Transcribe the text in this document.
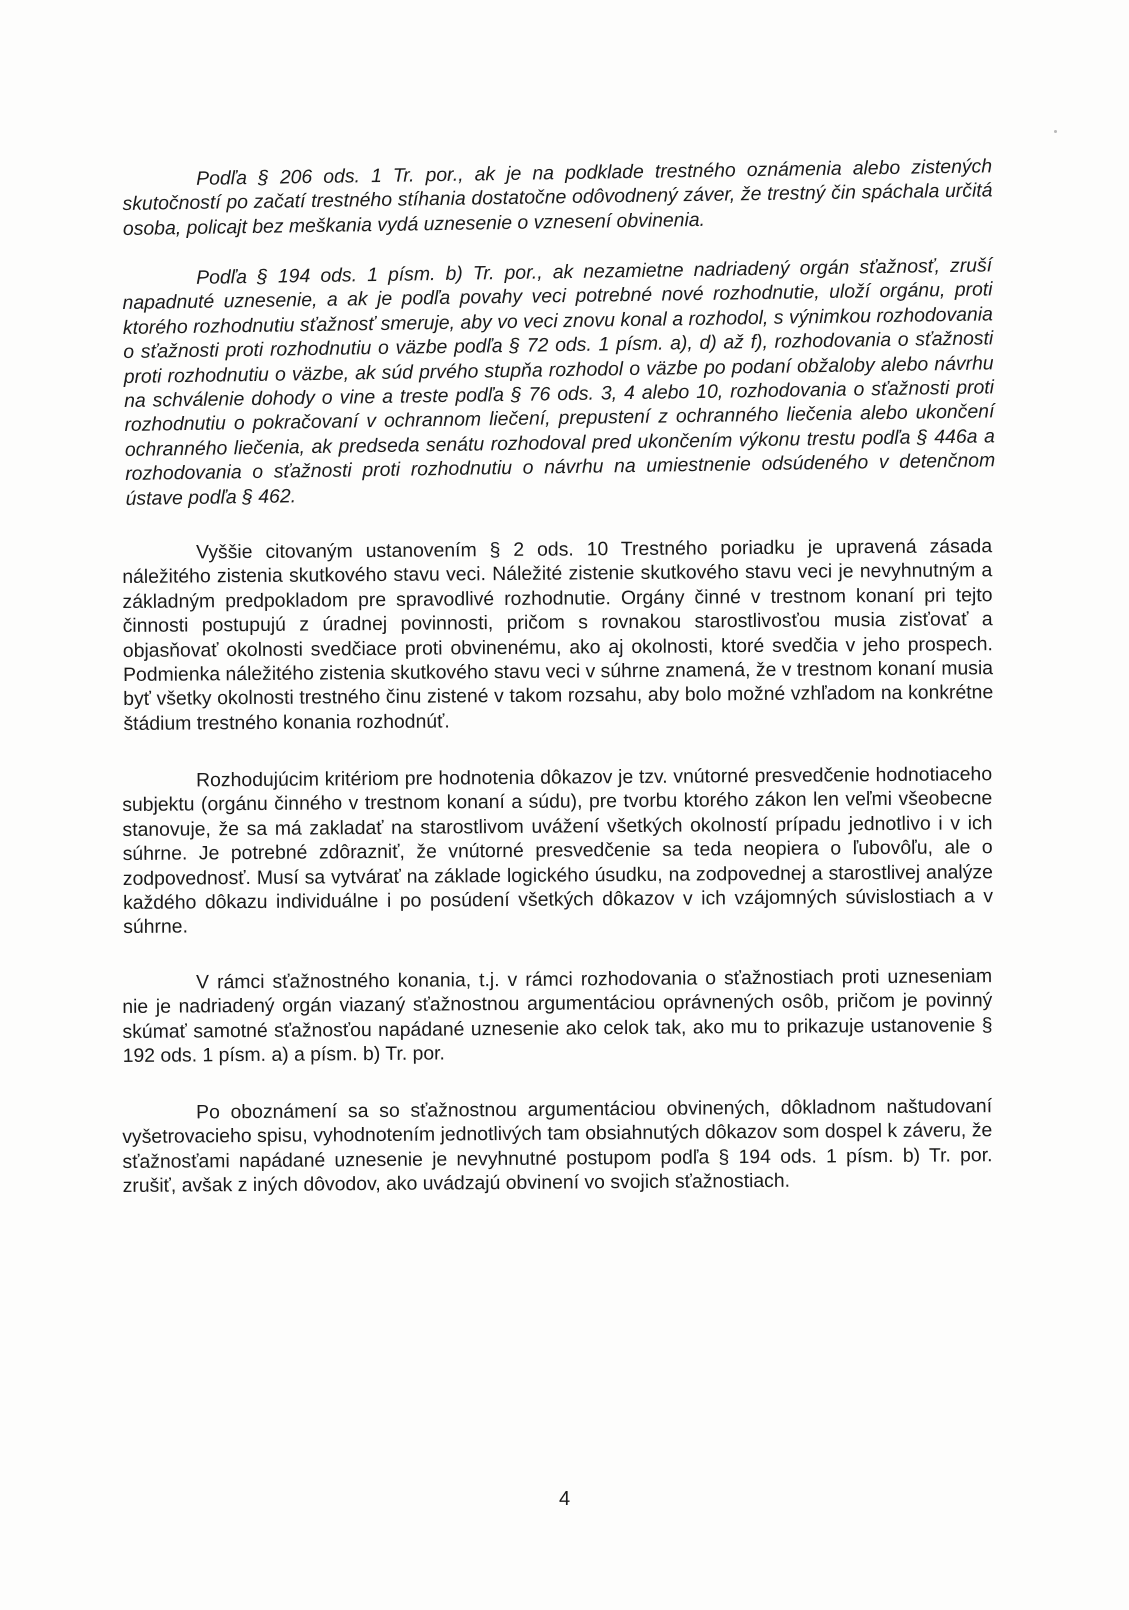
Podľa § 206 ods. 1 Tr. por., ak je na podklade trestného oznámenia alebo zistených skutočností po začatí trestného stíhania dostatočne odôvodnený záver, že trestný čin spáchala určitá osoba, policajt bez meškania vydá uznesenie o vznesení obvinenia.

Podľa § 194 ods. 1 písm. b) Tr. por., ak nezamietne nadriadený orgán sťažnosť, zruší napadnuté uznesenie, a ak je podľa povahy veci potrebné nové rozhodnutie, uloží orgánu, proti ktorého rozhodnutiu sťažnosť smeruje, aby vo veci znovu konal a rozhodol, s výnimkou rozhodovania o sťažnosti proti rozhodnutiu o väzbe podľa § 72 ods. 1 písm. a), d) až f), rozhodovania o sťažnosti proti rozhodnutiu o väzbe, ak súd prvého stupňa rozhodol o väzbe po podaní obžaloby alebo návrhu na schválenie dohody o vine a treste podľa § 76 ods. 3, 4 alebo 10, rozhodovania o sťažnosti proti rozhodnutiu o pokračovaní v ochrannom liečení, prepustení z ochranného liečenia alebo ukončení ochranného liečenia, ak predseda senátu rozhodoval pred ukončením výkonu trestu podľa § 446a a rozhodovania o sťažnosti proti rozhodnutiu o návrhu na umiestnenie odsúdeného v detenčnom ústave podľa § 462.

Vyššie citovaným ustanovením § 2 ods. 10 Trestného poriadku je upravená zásada náležitého zistenia skutkového stavu veci. Náležité zistenie skutkového stavu veci je nevyhnutným a základným predpokladom pre spravodlivé rozhodnutie. Orgány činné v trestnom konaní pri tejto činnosti postupujú z úradnej povinnosti, pričom s rovnakou starostlivosťou musia zisťovať a objasňovať okolnosti svedčiace proti obvinenému, ako aj okolnosti, ktoré svedčia v jeho prospech. Podmienka náležitého zistenia skutkového stavu veci v súhrne znamená, že v trestnom konaní musia byť všetky okolnosti trestného činu zistené v takom rozsahu, aby bolo možné vzhľadom na konkrétne štádium trestného konania rozhodnúť.

Rozhodujúcim kritériom pre hodnotenia dôkazov je tzv. vnútorné presvedčenie hodnotiaceho subjektu (orgánu činného v trestnom konaní a súdu), pre tvorbu ktorého zákon len veľmi všeobecne stanovuje, že sa má zakladať na starostlivom uvážení všetkých okolností prípadu jednotlivo i v ich súhrne. Je potrebné zdôrazniť, že vnútorné presvedčenie sa teda neopiera o ľubovôľu, ale o zodpovednosť. Musí sa vytvárať na základe logického úsudku, na zodpovednej a starostlivej analýze každého dôkazu individuálne i po posúdení všetkých dôkazov v ich vzájomných súvislostiach a v súhrne.

V rámci sťažnostného konania, t.j. v rámci rozhodovania o sťažnostiach proti uzneseniam nie je nadriadený orgán viazaný sťažnostnou argumentáciou oprávnených osôb, pričom je povinný skúmať samotné sťažnosťou napádané uznesenie ako celok tak, ako mu to prikazuje ustanovenie § 192 ods. 1 písm. a) a písm. b) Tr. por.

Po oboznámení sa so sťažnostnou argumentáciou obvinených, dôkladnom naštudovaní vyšetrovacieho spisu, vyhodnotením jednotlivých tam obsiahnutých dôkazov som dospel k záveru, že sťažnosťami napádané uznesenie je nevyhnutné postupom podľa § 194 ods. 1 písm. b) Tr. por. zrušiť, avšak z iných dôvodov, ako uvádzajú obvinení vo svojich sťažnostiach.

4
